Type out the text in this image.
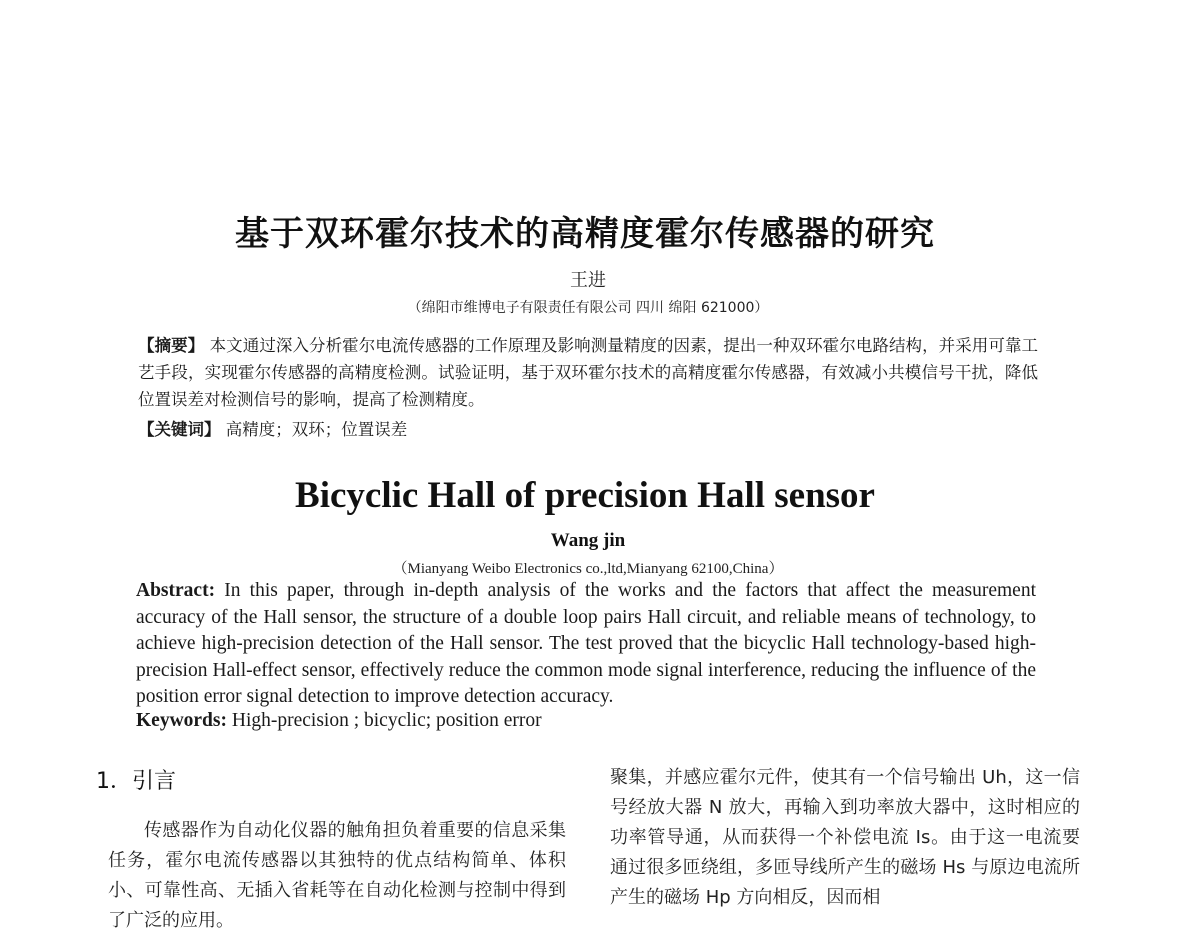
基于双环霍尔技术的高精度霍尔传感器的研究
王进
（绵阳市维博电子有限责任有限公司 四川 绵阳 621000）
【摘要】 本文通过深入分析霍尔电流传感器的工作原理及影响测量精度的因素，提出一种双环霍尔电路结构，并采用可靠工艺手段，实现霍尔传感器的高精度检测。试验证明，基于双环霍尔技术的高精度霍尔传感器，有效减小共模信号干扰，降低位置误差对检测信号的影响，提高了检测精度。
【关键词】 高精度；双环；位置误差
Bicyclic Hall of precision Hall sensor
Wang jin
（Mianyang Weibo Electronics co.,ltd,Mianyang 62100,China）
Abstract: In this paper, through in-depth analysis of the works and the factors that affect the measurement accuracy of the Hall sensor, the structure of a double loop pairs Hall circuit, and reliable means of technology, to achieve high-precision detection of the Hall sensor. The test proved that the bicyclic Hall technology-based high-precision Hall-effect sensor, effectively reduce the common mode signal interference, reducing the influence of the position error signal detection to improve detection accuracy.
Keywords: High-precision ; bicyclic; position error
1．引言

传感器作为自动化仪器的触角担负着重要的信息采集任务，霍尔电流传感器以其独特的优点结构简单、体积小、可靠性高、无插入省耗等在自动化检测与控制中得到了广泛的应用。

聚集，并感应霍尔元件，使其有一个信号输出 Uh，这一信号经放大器 N 放大，再输入到功率放大器中，这时相应的功率管导通，从而获得一个补偿电流 Is。由于这一电流要通过很多匝绕组，多匝导线所产生的磁场 Hs 与原边电流所产生的磁场 Hp 方向相反，因而相
